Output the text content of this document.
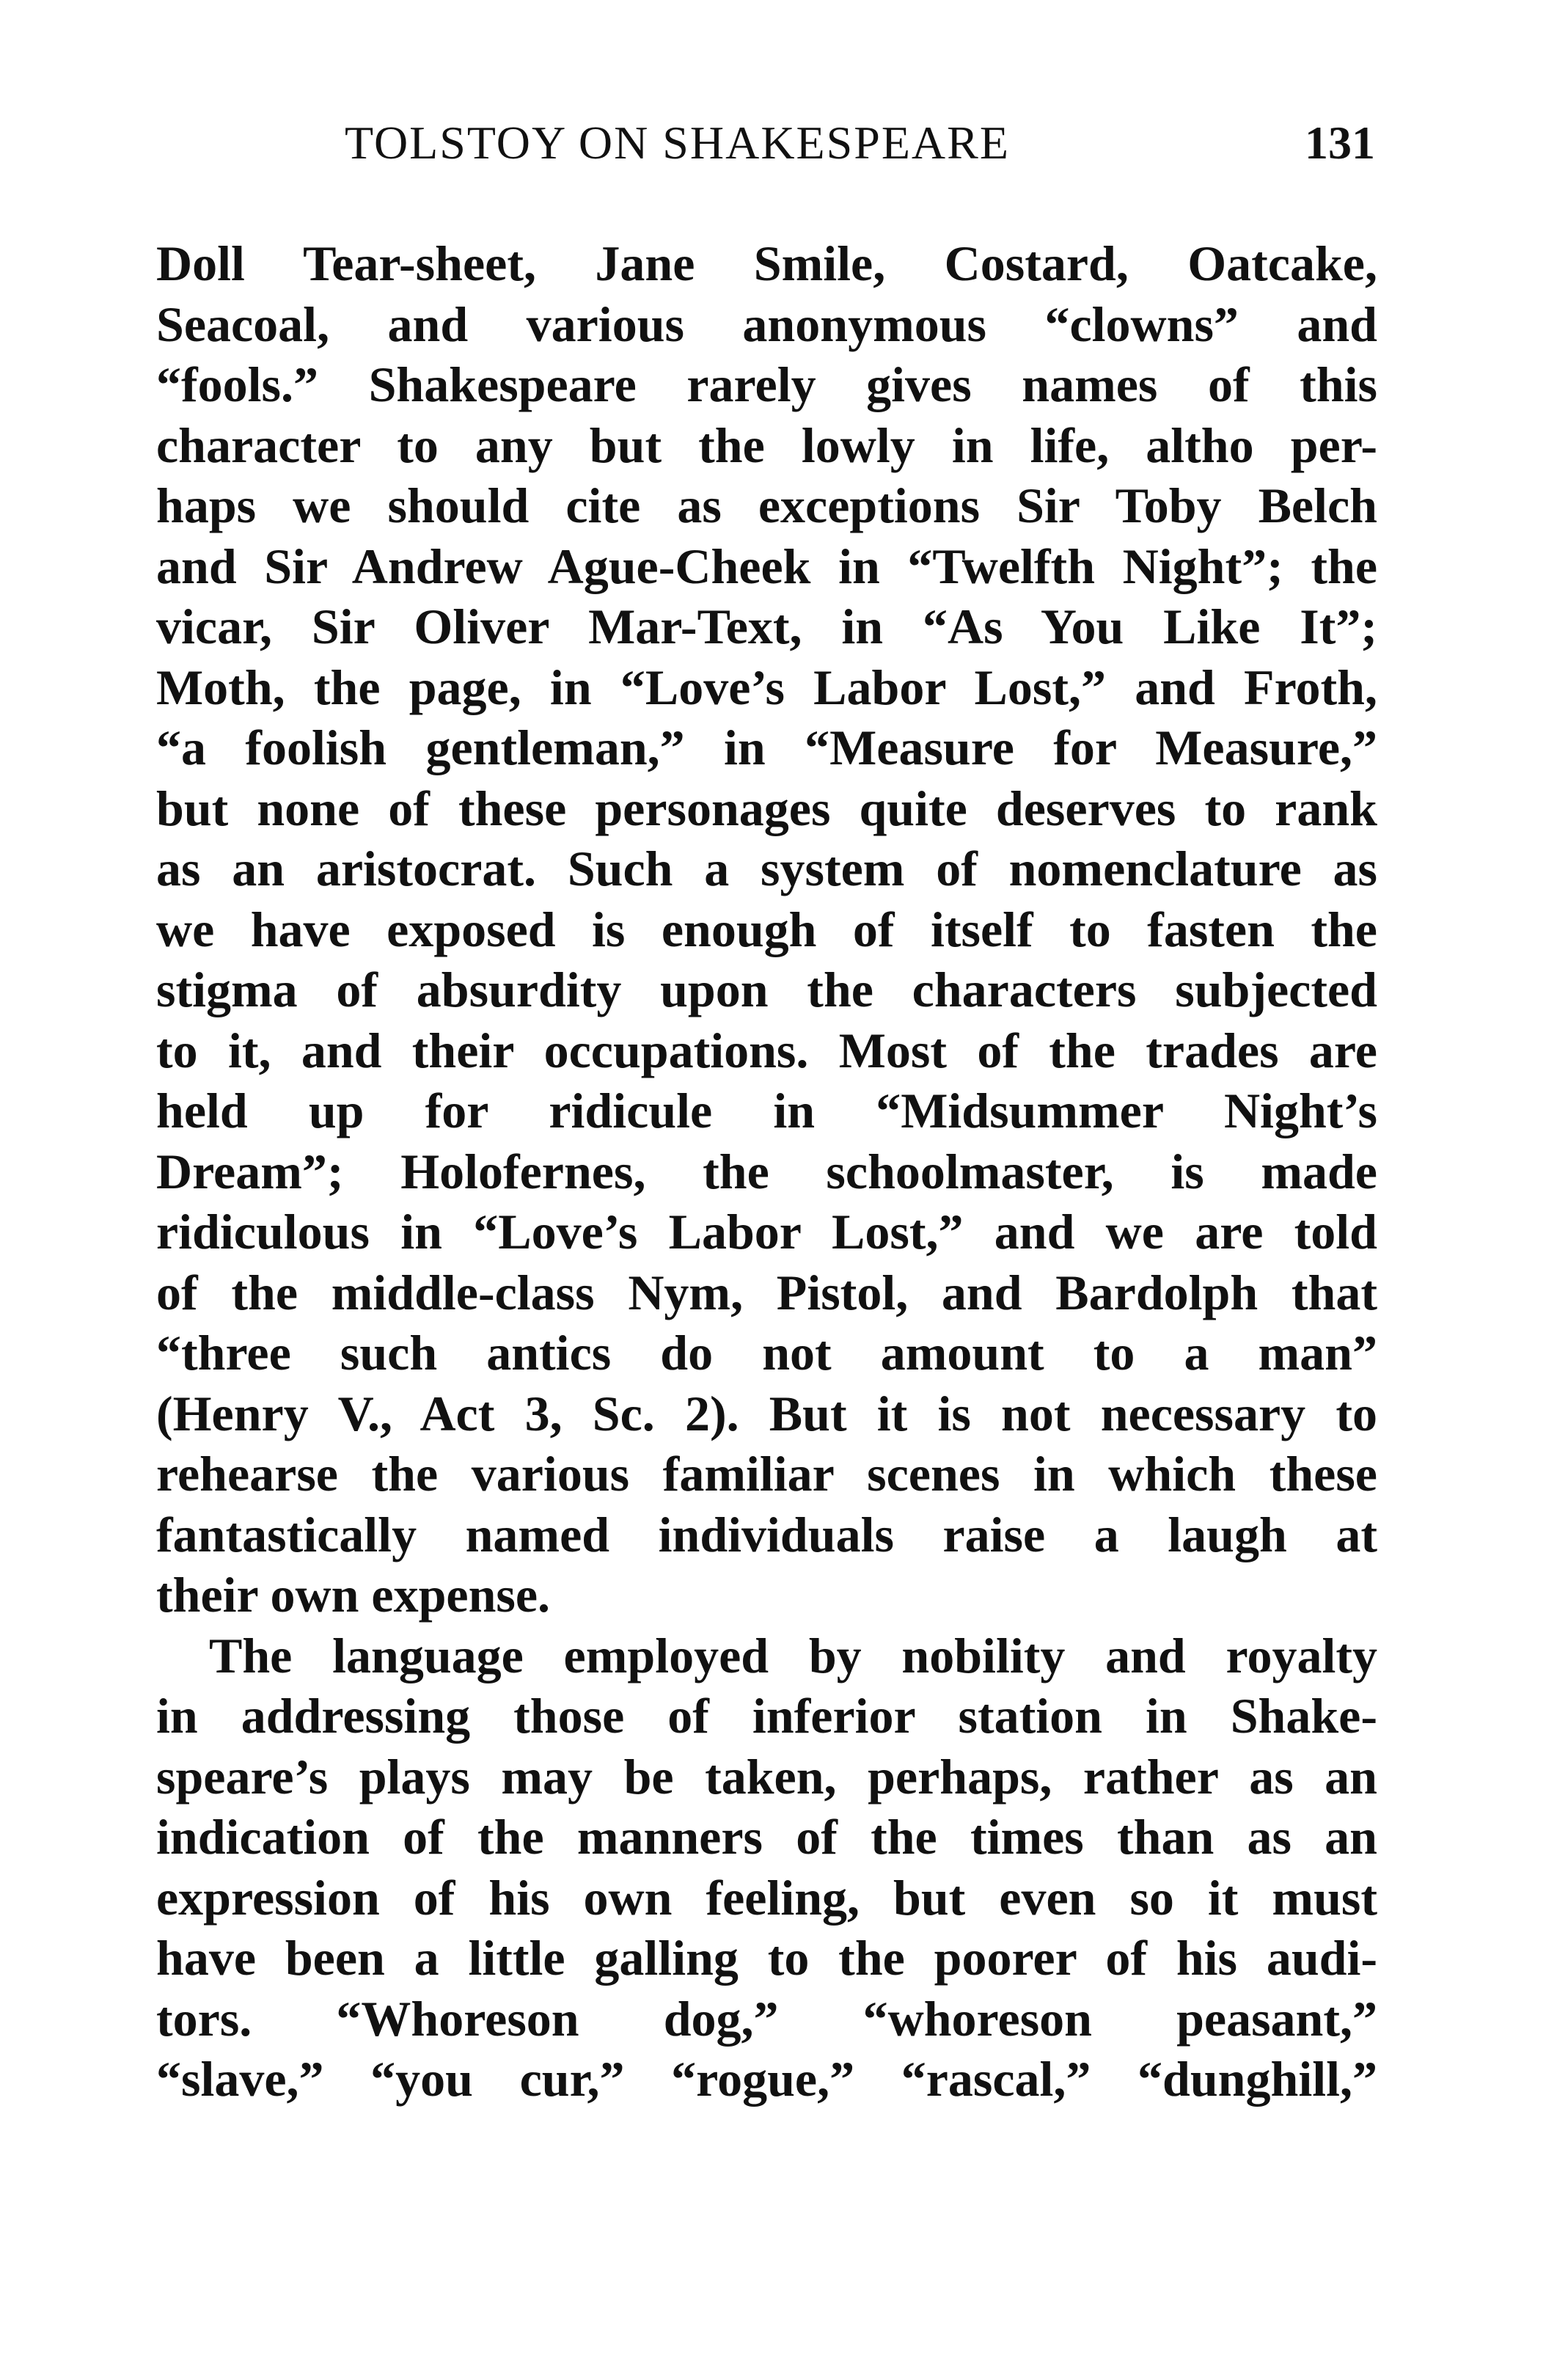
TOLSTOY ON SHAKESPEARE	131
Doll Tear-sheet, Jane Smile, Costard, Oatcake,
Seacoal, and various anonymous “clowns” and
“fools.” Shakespeare rarely gives names of this
character to any but the lowly in life, altho per-
haps we should cite as exceptions Sir Toby Belch
and Sir Andrew Ague-Cheek in “Twelfth Night”; the
vicar, Sir Oliver Mar-Text, in “As You Like It”;
Moth, the page, in “Love’s Labor Lost,” and Froth,
“a foolish gentleman,” in “Measure for Measure,”
but none of these personages quite deserves to rank
as an aristocrat. Such a system of nomenclature as
we have exposed is enough of itself to fasten the
stigma of absurdity upon the characters subjected
to it, and their occupations. Most of the trades are
held up for ridicule in “Midsummer Night’s
Dream”; Holofernes, the schoolmaster, is made
ridiculous in “Love’s Labor Lost,” and we are told
of the middle-class Nym, Pistol, and Bardolph that
“three such antics do not amount to a man”
(Henry V., Act 3, Sc. 2). But it is not necessary to
rehearse the various familiar scenes in which these
fantastically named individuals raise a laugh at
their own expense.
The language employed by nobility and royalty
in addressing those of inferior station in Shake-
speare’s plays may be taken, perhaps, rather as an
indication of the manners of the times than as an
expression of his own feeling, but even so it must
have been a little galling to the poorer of his audi-
tors. “Whoreson dog,” “whoreson peasant,”
“slave,” “you cur,” “rogue,” “rascal,” “dunghill,”
